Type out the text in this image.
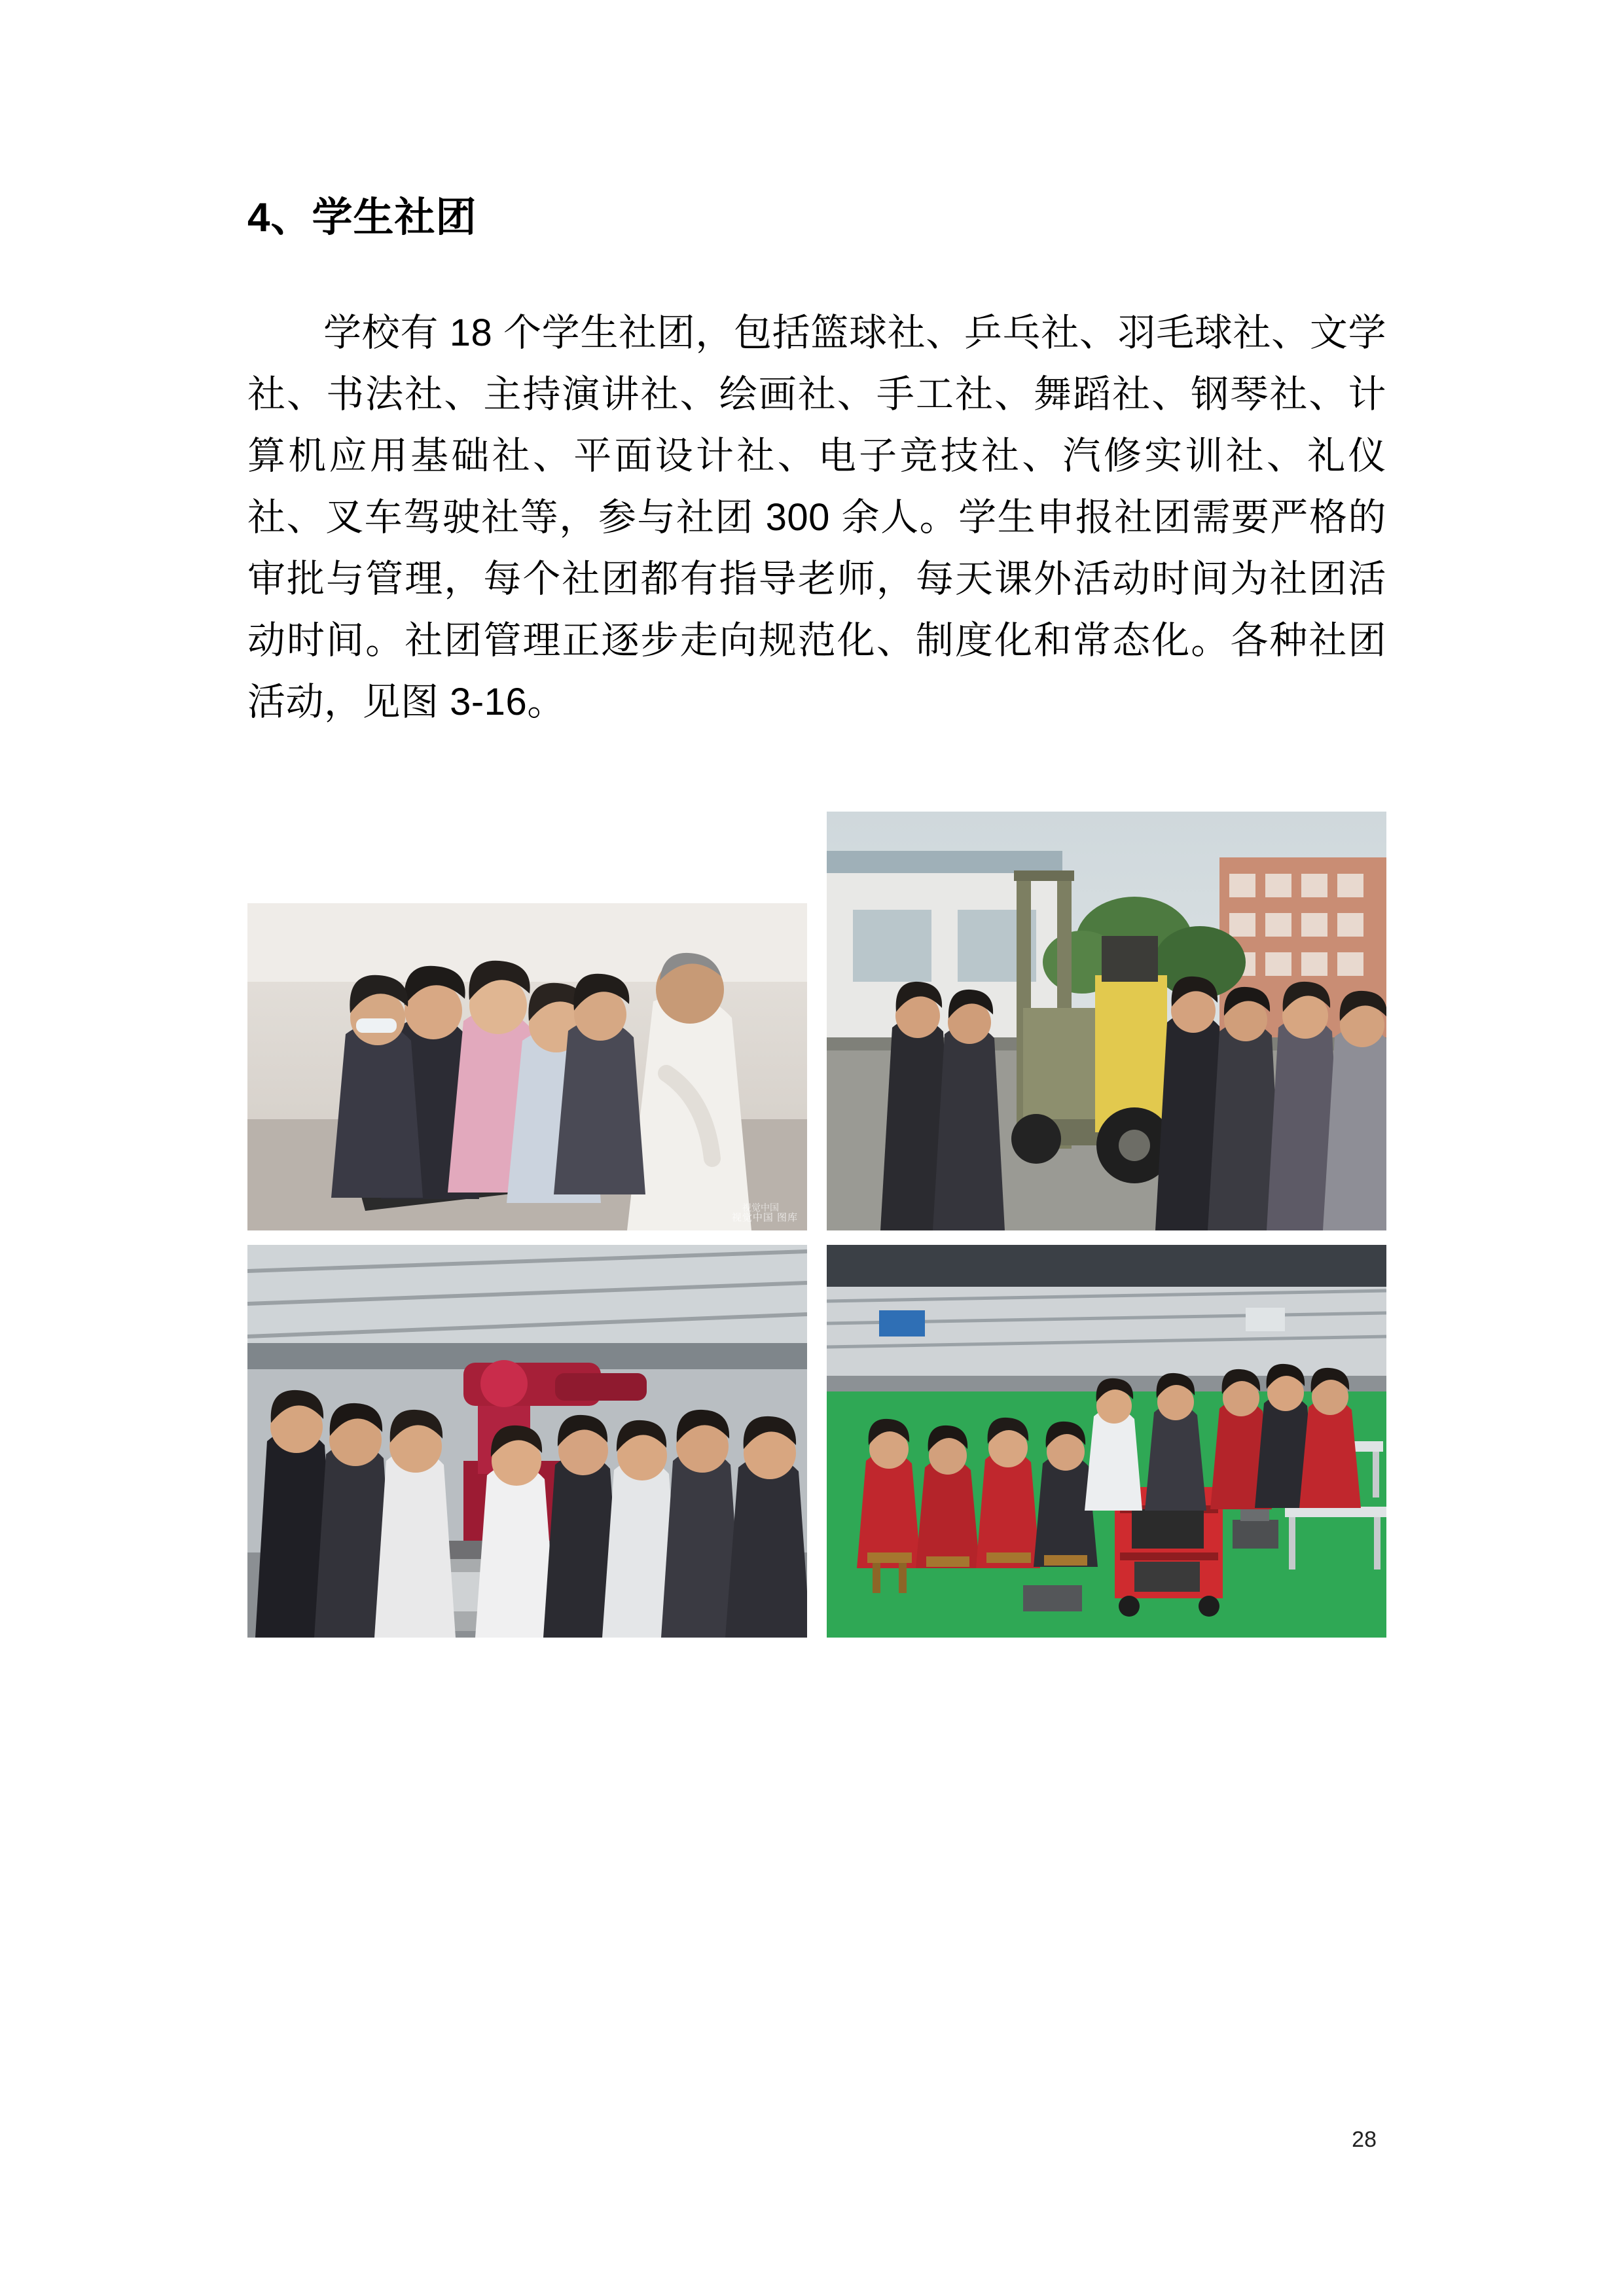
4、学生社团

学校有 18 个学生社团，包括篮球社、乒乓社、羽毛球社、文学社、书法社、主持演讲社、绘画社、手工社、舞蹈社、钢琴社、计算机应用基础社、平面设计社、电子竞技社、汽修实训社、礼仪社、叉车驾驶社等，参与社团 300 余人。学生申报社团需要严格的审批与管理，每个社团都有指导老师，每天课外活动时间为社团活动时间。社团管理正逐步走向规范化、制度化和常态化。各种社团活动，见图 3-16。

视觉中国
视觉中国 图库
28
